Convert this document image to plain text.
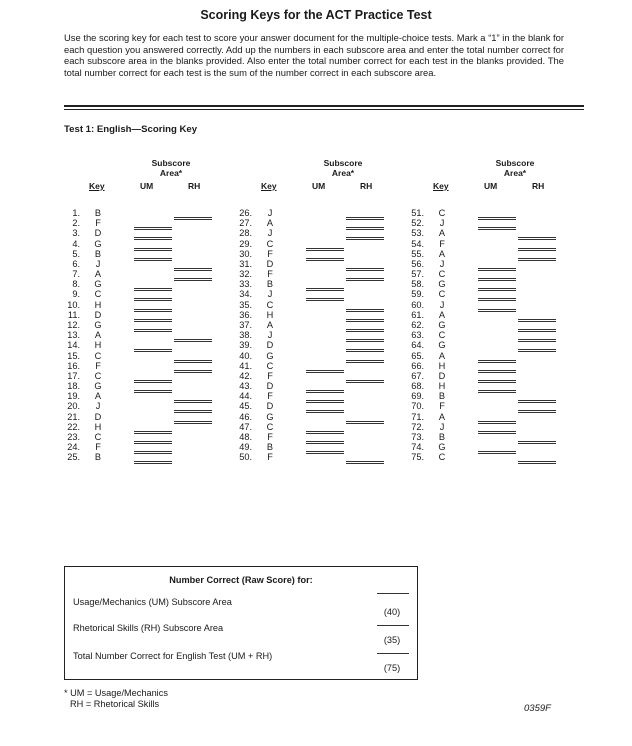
Scoring Keys for the ACT Practice Test
Use the scoring key for each test to score your answer document for the multiple-choice tests. Mark a “1” in the blank for each question you answered correctly. Add up the numbers in each subscore area and enter the total number correct for each subscore area in the blanks provided. Also enter the total number correct for each test in the blanks provided. The total number correct for each test is the sum of the number correct in each subscore area.
Test 1: English—Scoring Key
Subscore
Area*
Key	UM	RH
1.	B
2.	F
3. D
4. G
5.	B
6.	J
7.	A
8. G
9. C
10. H
11. D
12. G
13.	A
14. H
15. C
16.	F
17. C
18. G
19.	A
20.	J
21. D
22. H
23. C
24.	F
25.	B
Subscore
Area*
Key	UM	RH
26.	J
27.	A
28.	J
29. C
30.	F
31. D
32.	F
33.	B
34.	J
35. C
36. H
37.	A
38.	J
39. D
40. G
41. C
42.	F
43. D
44.	F
45. D
46. G
47. C
48.	F
49.	B
50.	F
Subscore
Area*
Key	UM	RH
51. C
52.	J
53.	A
54.	F
55.	A
56.	J
57. C
58. G
59. C
60.	J
61.	A
62. G
63. C
64. G
65.	A
66. H
67. D
68. H
69.	B
70.	F
71.	A
72.	J
73.	B
74. G
75. C
Number Correct (Raw Score) for:
Usage/Mechanics (UM) Subscore Area
(40)
Rhetorical Skills (RH) Subscore Area
(35)
Total Number Correct for English Test (UM + RH)
(75)
* UM = Usage/Mechanics
RH = Rhetorical Skills	0359F
